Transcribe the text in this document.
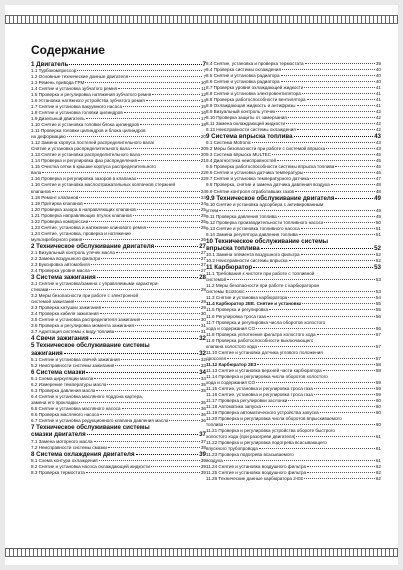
Содержание
1 Двигатель	7
1.1 Турбокомпрессор	7
1.2 Основные технические данные двигателя	7
1.3 Ремень привода ГРМ	10
1.4 Снятие и установка зубчатого ремня	11
1.5 Проверка и регулировка натяжения зубчатого ремня	12
1.6 Установка натяжного устройства зубчатого ремня	14
1.7 Снятие и установка вакуумного насоса	15
1.8 Снятие и установка головки цилиндров	16
1.9 Дизельный двигатель	17
1.10 Снятие и установка головки блока цилиндров	18
1.11 Проверка головки цилиндров и блока цилиндров
на деформацию	20
1.12 Замена корпуса постелей распределительного вала/
Снятие и установка распределительного вала	20
1.13 Снятие и установка распределительного вала	20
1.14 Проверка и регулировка фаз распределения	21
1.15 Очистка сетки в крышке корпуса распределительного
вала	22
1.16 Проверка и регулировка зазоров в клапанах	22
1.16 Снятие и установка маслоотражательных колпачков стержней
клапанов	24
1.18 Ремонт клапанов	24
1.19 Притирка клапанов	24
1.20 Проверка зазора в направляющих клапанов	25
1.21 Проверка направляющих втулок клапанов	25
1.22 Проверка компрессии	25
1.23 Снятие, установка и натяжение клинового ремня	25
1.24 Снятие, установка, проверка и натяжение
мультиреберного ремня	26
2 Техническое обслуживание двигателя	27
2.1 Визуальный контроль утечек масла	27
2.2 Замена воздушного фильтра	27
2.3 Буксировка автомобиля	27
2.4 Проверка уровня масла	27
3 Система зажигания	28
3.1 Снятие и установка/замена с управляемыми характери-
стиками	28
3.2 Меры безопасности при работе с электронной
системой зажигания	29
3.3 Проверка катушки зажигания	29
3.4 Проверка кабеля зажигания	30
3.5 Снятие и установка распределителя зажигания	30
3.6 Проверка и регулировка момента зажигания	31
3.7 Адаптация системы к виду топлива	31
4 Свечи зажигания	32
5 Техническое обслуживание системы
зажигания	32
5.1 Снятие и установка свечей зажигания	32
5.2 Неисправности системы зажигания	33
6 Система смазки	34
6.1 Схема циркуляции масла	34
6.2 Измерение температуры масла	35
6.3 Проверка давления масла	35
6.4 Снятие и установка масляного поддона картера,
замена его прокладки	35
6.5 Снятие и установка масляного насоса	36
6.6 Проверка масляного насоса	36
6.7 Снятие и установка редукционного клапана давления масла	36
7 Техническое обслуживание системы
смазки двигателя	37
7.1 Замена моторного масла	37
7.2 Неисправности системы смазки	38
8 Система охлаждения двигателя	39
8.1 Схема контура охлаждения	39
8.2 Снятие и установка насоса охлаждающей жидкости	39
8.3 Проверка термостата	39
8.4 Снятие, установка и проверка термостата	39
8.4 Проверка системы охлаждения	40
8.5 Снятие и установка радиатора	40
8.6 Снятие и установка радиатора	40
8.7 Проверка уровня охлаждающей жидкости	41
8.8 Снятие и установка электровентилятора	41
8.8 Проверка работоспособности вентилятора	41
8.9 Охлаждающая жидкость и антифризы	41
8.9 Визуальный контроль утечек	42
8.10 Проверка защиты от замерзания	42
8.11 Замена охлаждающей жидкости	42
8.12 Неисправности системы охлаждения	42
9 Система впрыска топлива	43
9.1 Система Motronic	43
9.2 Меры безопасности при работе с системой впрыска	43
9.3 Система впрыска MULTEC	45
9.4 Диагностика неисправностей	45
9.5 Проверка работоспособности системы впрыска топлива	45
9.6 Снятие и установка датчика температуры	46
9.7 Снятие и установка температурного датчика	47
9.8 Проверка, снятие и замена датчика давления воздуха	48
9.9 Снятие контроля отработавших газов	48
9.9 Техническое обслуживание двигателя	49
9.10 Снятие и установка адсорбера с активированным
углем	49
9.11 Проверка давления топлива	49
9.12 Проверка производительности топливного насоса	50
9.13 Снятие и установка топливного насоса	51
9.14 Замена регулятора давления топлива	51
10 Техническое обслуживание системы
впрыска топлива	52
10.1 Замена элемента воздушного фильтра	52
10.2 Неисправности системы впрыска	52
11 Карбюратор	53
11.1 Требования к чистоте при работе с топливной
системой	53
11.2 Меры безопасности при работе с карбюратором
системы Ecotronic	53
11.3 Снятие и установка карбюратора	54
11.4 Карбюратор 2ЕЕ. Снятие и установка	55
11.5 Проверка и регулировка	55
11.6 Регулировка троса газа	56
11.7 Проверка и регулировка числа оборотов холостого
хода и содержания CO	56
11.8 Проверка уплотнения фильтра холостого хода	57
11.9 Проверка работоспособности выключающего
клапана холостого хода	57
11.10 Снятие и установка датчика углового положения
дросселя	57
11.12 Карбюратор 2ЕЗ	58
11.13 Снятие и установка верхней части карбюратора	58
11.14 Проверка и регулировка числа оборотов холостого
хода и содержания CO	59
11.15 Снятие, установка и регулировка троса газа	59
11.16 Снятие, установка и регулировка троса газа	59
11.17 Проверка регулировки заслонки	60
11.18 Автоматика запуска	60
11.19 Проверка автоматического устройства запуска	60
11.20 Проверка и регулировка числа оборотов впрыскиваемого
топлива	60
11.21 Проверка и регулировка устройства обороте быстрого
холостого хода (при разогреве двигателя)	61
11.22 Проверка и регулировка подогрева всасывающего
впускного трубопровода	61
11.23 Проверка подогрева всасываемого
воздуха	61
11.24 Снятие и установка воздушного фильтра	62
11.25 Снятие и установка воздушного фильтра	62
11.26 Технические данные карбюратора 2-ЕЕ	62
